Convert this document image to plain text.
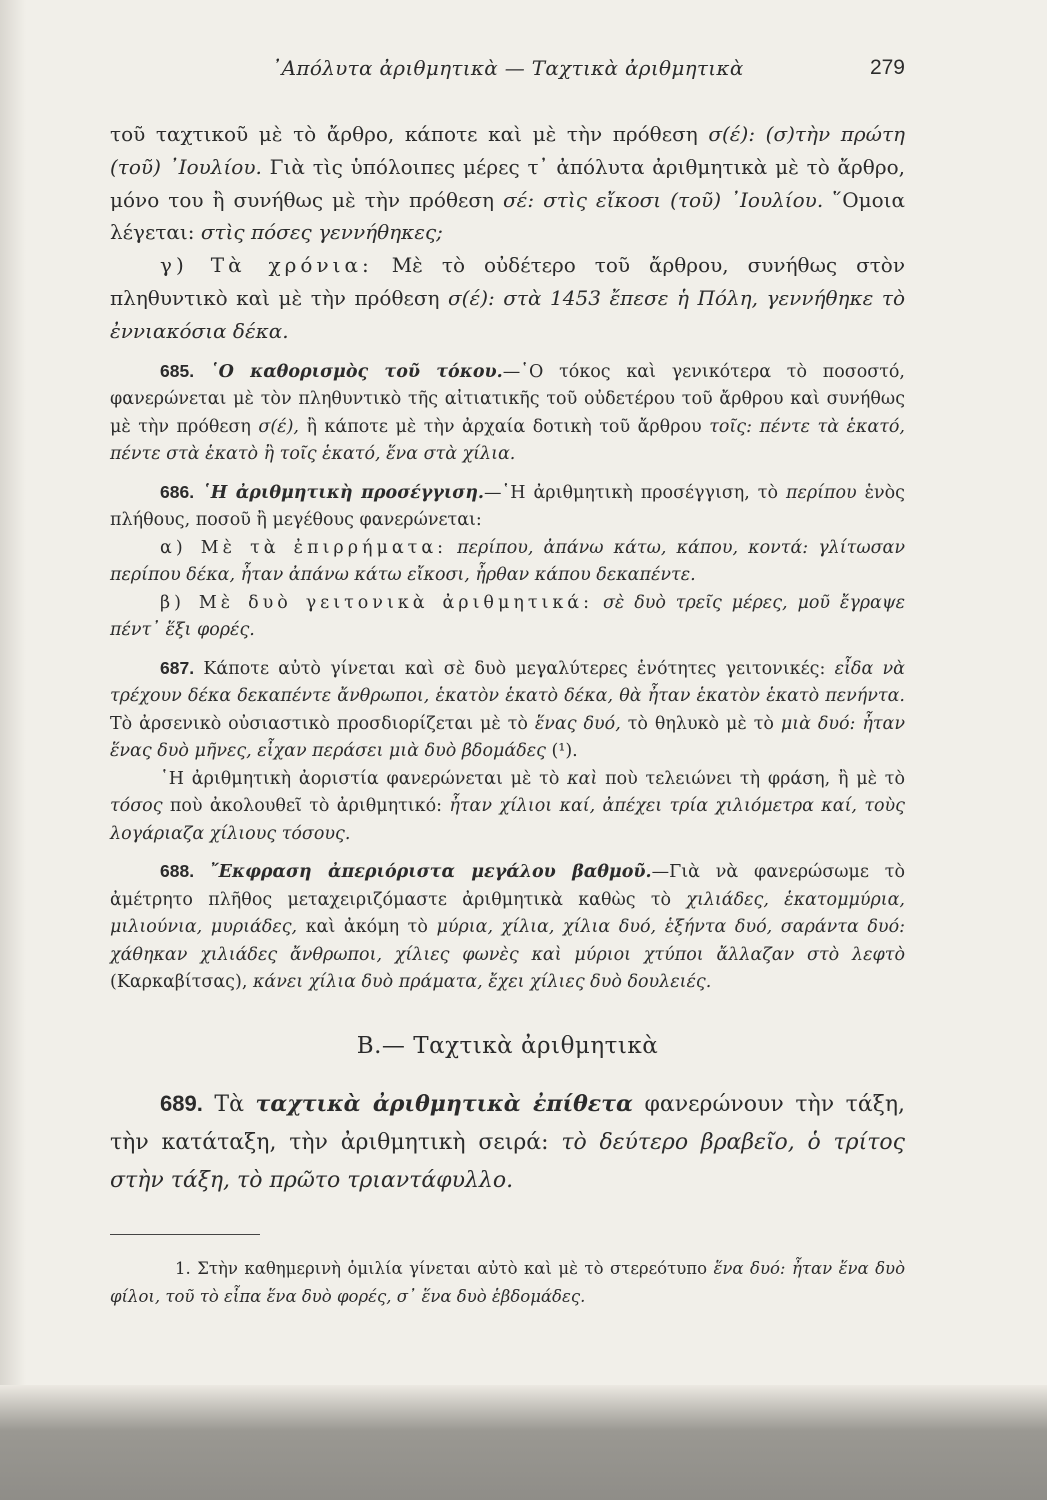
᾿Απόλυτα ἀριθμητικὰ — Ταχτικὰ ἀριθμητικὰ	279

τοῦ ταχτικοῦ μὲ τὸ ἄρθρο, κάποτε καὶ μὲ τὴν πρόθεση σ(έ): (σ)τὴν πρώτη (τοῦ) ᾿Ιουλίου. Γιὰ τὶς ὑπόλοιπες μέρες τ᾿ ἀπόλυτα ἀριθμητικὰ μὲ τὸ ἄρθρο, μόνο του ἢ συνήθως μὲ τὴν πρόθεση σέ: στὶς εἴκοσι (τοῦ) ᾿Ιουλίου. ῞Ομοια λέγεται: στὶς πόσες γεννήθηκες;

γ) Τὰ χρόνια: Μὲ τὸ οὐδέτερο τοῦ ἄρθρου, συνήθως στὸν πληθυντικὸ καὶ μὲ τὴν πρόθεση σ(έ): στὰ 1453 ἔπεσε ἡ Πόλη, γεννήθηκε τὸ ἐννιακόσια δέκα.

685. ῾Ο καθορισμὸς τοῦ τόκου.—῾Ο τόκος καὶ γενικότερα τὸ ποσοστό, φανερώνεται μὲ τὸν πληθυντικὸ τῆς αἰτιατικῆς τοῦ οὐδετέρου τοῦ ἄρθρου καὶ συνήθως μὲ τὴν πρόθεση σ(έ), ἢ κάποτε μὲ τὴν ἀρχαία δοτικὴ τοῦ ἄρθρου τοῖς: πέντε τὰ ἑκατό, πέντε στὰ ἑκατὸ ἢ τοῖς ἑκατό, ἕνα στὰ χίλια.

686. ῾Η ἀριθμητικὴ προσέγγιση.—῾Η ἀριθμητικὴ προσέγγιση, τὸ περίπου ἑνὸς πλήθους, ποσοῦ ἢ μεγέθους φανερώνεται:

α) Μὲ τὰ ἐπιρρήματα: περίπου, ἀπάνω κάτω, κάπου, κοντά: γλίτωσαν περίπου δέκα, ἦταν ἀπάνω κάτω εἴκοσι, ἦρθαν κάπου δεκαπέντε.

β) Μὲ δυὸ γειτονικὰ ἀριθμητικά: σὲ δυὸ τρεῖς μέρες, μοῦ ἔγραψε πέντ᾿ ἕξι φορές.

687. Κάποτε αὐτὸ γίνεται καὶ σὲ δυὸ μεγαλύτερες ἑνότητες γειτονικές: εἶδα νὰ τρέχουν δέκα δεκαπέντε ἄνθρωποι, ἑκατὸν ἑκατὸ δέκα, θὰ ἦταν ἑκατὸν ἑκατὸ πενήντα. Τὸ ἀρσενικὸ οὐσιαστικὸ προσδιορίζεται μὲ τὸ ἕνας δυό, τὸ θηλυκὸ μὲ τὸ μιὰ δυό: ἦταν ἕνας δυὸ μῆνες, εἶχαν περάσει μιὰ δυὸ βδομάδες (¹).

῾Η ἀριθμητικὴ ἀοριστία φανερώνεται μὲ τὸ καὶ ποὺ τελειώνει τὴ φράση, ἢ μὲ τὸ τόσος ποὺ ἀκολουθεῖ τὸ ἀριθμητικό: ἦταν χίλιοι καί, ἀπέχει τρία χιλιόμετρα καί, τοὺς λογάριαζα χίλιους τόσους.

688. ῎Εκφραση ἀπεριόριστα μεγάλου βαθμοῦ.—Γιὰ νὰ φανερώσωμε τὸ ἀμέτρητο πλῆθος μεταχειριζόμαστε ἀριθμητικὰ καθὼς τὸ χιλιάδες, ἑκατομμύρια, μιλιούνια, μυριάδες, καὶ ἀκόμη τὸ μύρια, χίλια, χίλια δυό, ἑξήντα δυό, σαράντα δυό: χάθηκαν χιλιάδες ἄνθρωποι, χίλιες φωνὲς καὶ μύριοι χτύποι ἄλλαζαν στὸ λεφτὸ (Καρκαβίτσας), κάνει χίλια δυὸ πράματα, ἔχει χίλιες δυὸ δουλειές.

Β.— Ταχτικὰ ἀριθμητικὰ

689. Τὰ ταχτικὰ ἀριθμητικὰ ἐπίθετα φανερώνουν τὴν τάξη, τὴν κατάταξη, τὴν ἀριθμητικὴ σειρά: τὸ δεύτερο βραβεῖο, ὁ τρίτος στὴν τάξη, τὸ πρῶτο τριαντάφυλλο.

1. Στὴν καθημερινὴ ὁμιλία γίνεται αὐτὸ καὶ μὲ τὸ στερεότυπο ἕνα δυό: ἦταν ἕνα δυὸ φίλοι, τοῦ τὸ εἶπα ἕνα δυὸ φορές, σ᾿ ἕνα δυὸ ἑβδομάδες.
